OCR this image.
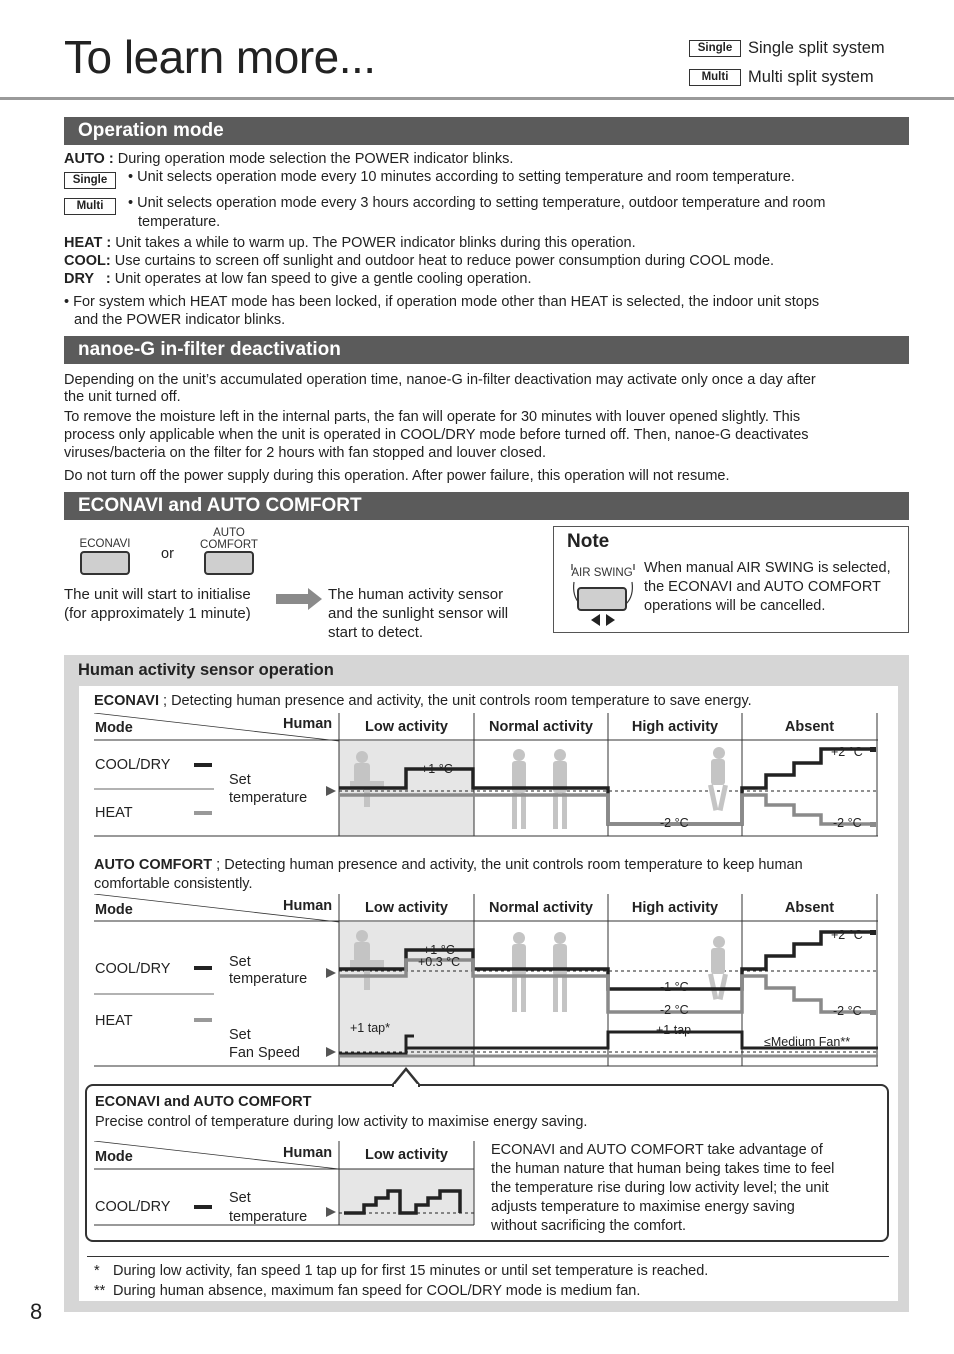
To learn more...	Single Single split system
Multi	Multi split system
Operation mode
AUTO : During operation mode selection the POWER indicator blinks.
Single	• Unit selects operation mode every 10 minutes according to setting temperature and room temperature.
Multi	• Unit selects operation mode every 3 hours according to setting temperature, outdoor temperature and room
temperature.
HEAT : Unit takes a while to warm up. The POWER indicator blinks during this operation.
COOL: Use curtains to screen off sunlight and outdoor heat to reduce power consumption during COOL mode.
DRY   : Unit operates at low fan speed to give a gentle cooling operation.
• For system which HEAT mode has been locked, if operation mode other than HEAT is selected, the indoor unit stops
and the POWER indicator blinks.
nanoe-G in-filter deactivation
Depending on the unit’s accumulated operation time, nanoe-G in-filter deactivation may activate only once a day after
the unit turned off.
To remove the moisture left in the internal parts, the fan will operate for 30 minutes with louver opened slightly. This
process only applicable when the unit is operated in COOL/DRY mode before turned off. Then, nanoe-G deactivates
viruses/bacteria on the filter for 2 hours with fan stopped and louver closed.
Do not turn off the power supply during this operation. After power failure, this operation will not resume.
ECONAVI and AUTO COMFORT
ECONAVI
or
AUTO
COMFORT
The unit will start to initialise
(for approximately 1 minute)
The human activity sensor
and the sunlight sensor will
start to detect.
Note
AIR SWING When manual AIR SWING is selected,
the ECONAVI and AUTO COMFORT
operations will be cancelled.
Human activity sensor operation
ECONAVI ; Detecting human presence and activity, the unit controls room temperature to save energy.
Mode	Human	Low activity	Normal activity	High activity	Absent
COOL/DRY
HEAT
Set
temperature
+1 °C
-2 °C
+2 °C
-2 °C
AUTO COMFORT ; Detecting human presence and activity, the unit controls room temperature to keep human
comfortable consistently.
Mode	Human	Low activity	Normal activity	High activity	Absent
COOL/DRY
HEAT
Set
temperature
Set
Fan Speed
+1 °C
+0.3 °C
-1 °C
-2 °C
+2 °C
-2 °C
+1 tap*	+1 tap
≤Medium Fan**
ECONAVI and AUTO COMFORT
Precise control of temperature during low activity to maximise energy saving.
Mode	Human	Low activity
COOL/DRY
Set
temperature
ECONAVI and AUTO COMFORT take advantage of
the human nature that human being takes time to feel
the temperature rise during low activity level; the unit
adjusts temperature to maximise energy saving
without sacrificing the comfort.
* During low activity, fan speed 1 tap up for first 15 minutes or until set temperature is reached.
** During human absence, maximum fan speed for COOL/DRY mode is medium fan.
8
